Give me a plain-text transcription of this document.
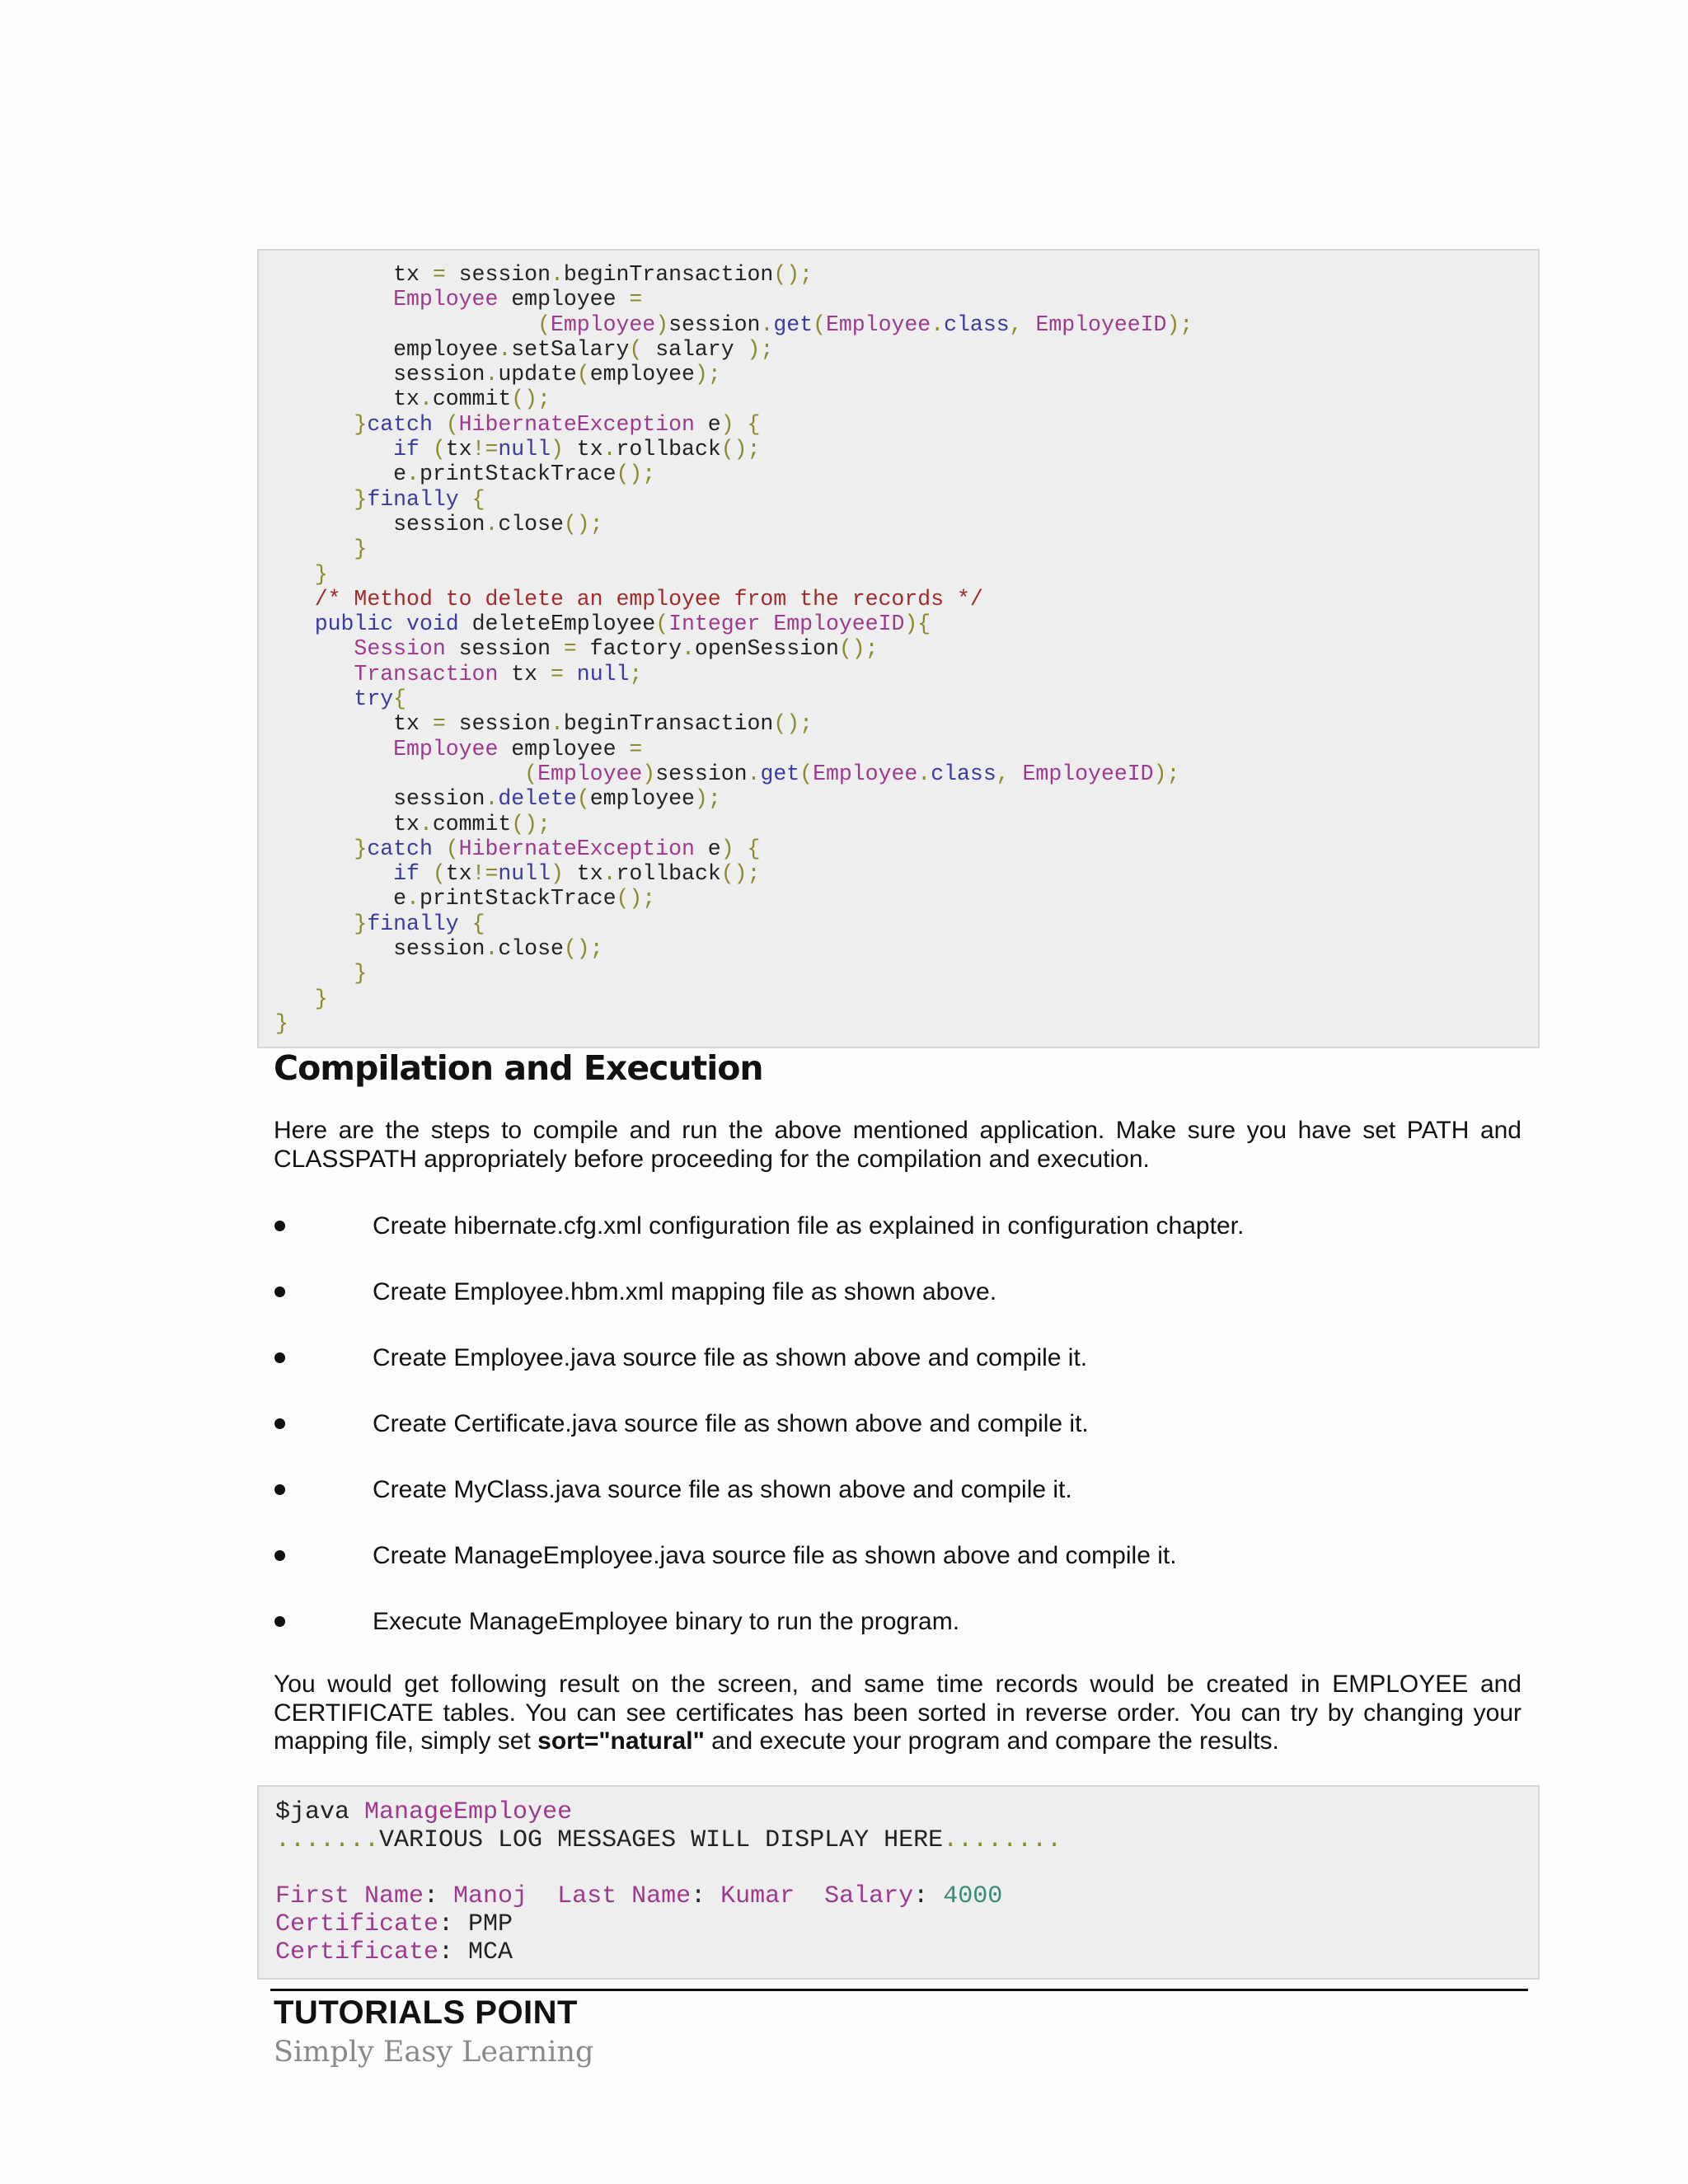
tx = session.beginTransaction();
Employee employee =
(Employee)session.get(Employee.class, EmployeeID);
employee.setSalary( salary );
session.update(employee);
tx.commit();
}catch (HibernateException e) {
if (tx!=null) tx.rollback();
e.printStackTrace();
}finally {
session.close();
}
}
/* Method to delete an employee from the records */
public void deleteEmployee(Integer EmployeeID){
Session session = factory.openSession();
Transaction tx = null;
try{
tx = session.beginTransaction();
Employee employee =
(Employee)session.get(Employee.class, EmployeeID);
session.delete(employee);
tx.commit();
}catch (HibernateException e) {
if (tx!=null) tx.rollback();
e.printStackTrace();
}finally {
session.close();
}
}
}
Compilation and Execution

Here are the steps to compile and run the above mentioned application. Make sure you have set PATH and CLASSPATH appropriately before proceeding for the compilation and execution.

Create hibernate.cfg.xml configuration file as explained in configuration chapter.
Create Employee.hbm.xml mapping file as shown above.
Create Employee.java source file as shown above and compile it.
Create Certificate.java source file as shown above and compile it.
Create MyClass.java source file as shown above and compile it.
Create ManageEmployee.java source file as shown above and compile it.
Execute ManageEmployee binary to run the program.

You would get following result on the screen, and same time records would be created in EMPLOYEE and CERTIFICATE tables. You can see certificates has been sorted in reverse order. You can try by changing your mapping file, simply set sort="natural" and execute your program and compare the results.

$java ManageEmployee
.......VARIOUS LOG MESSAGES WILL DISPLAY HERE........

First Name: Manoj Last Name: Kumar Salary: 4000
Certificate: PMP
Certificate: MCA
TUTORIALS POINT
Simply Easy Learning
